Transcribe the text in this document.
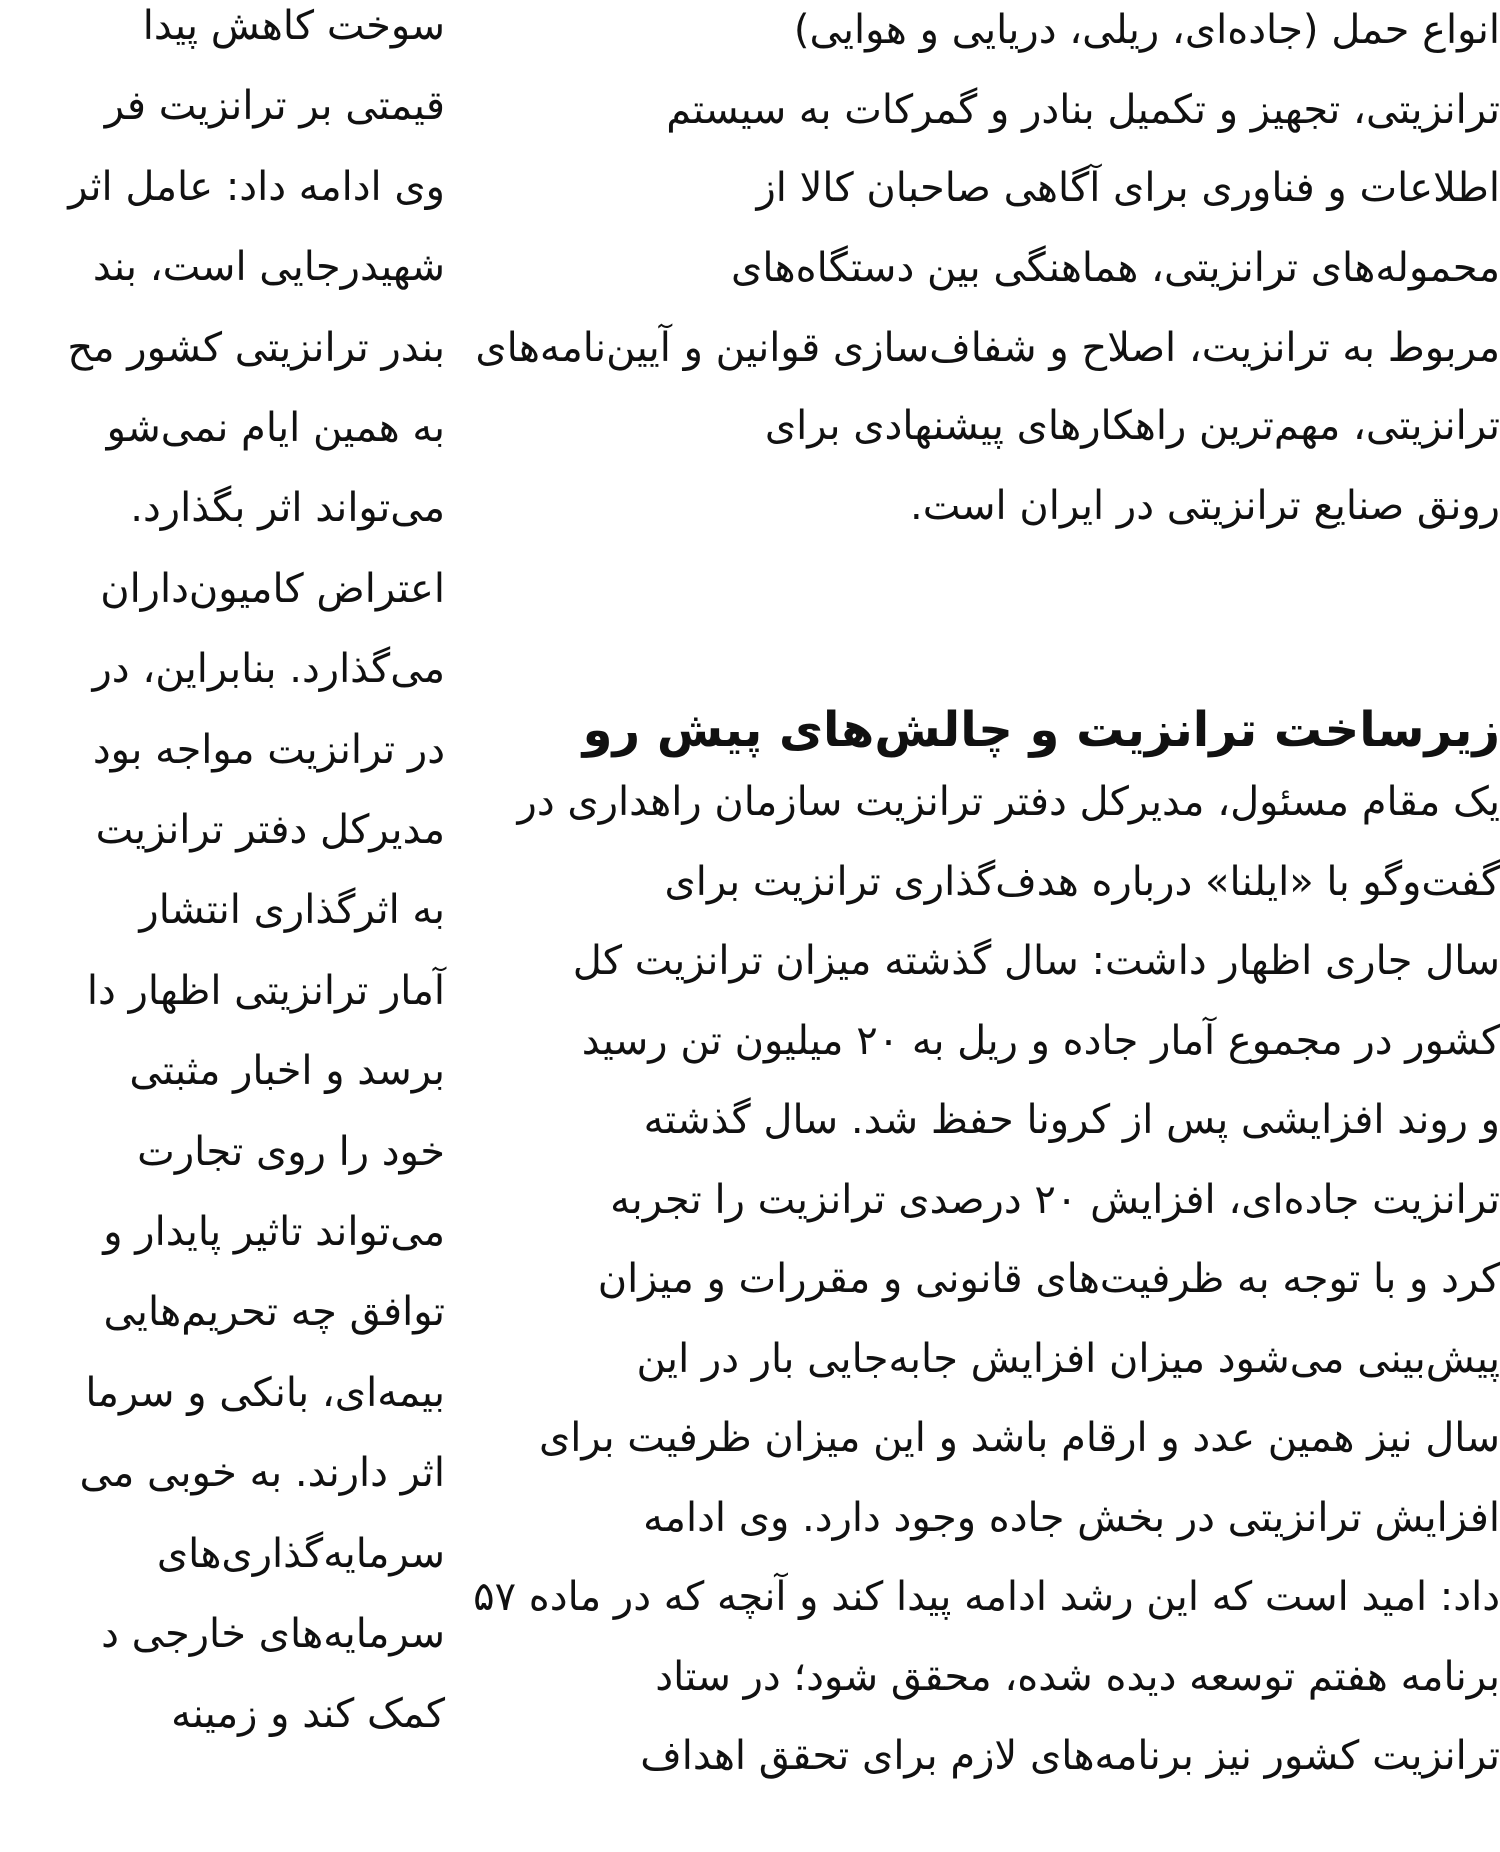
سوخت کاهش پیدا
قیمتی بر ترانزیت فر
وی ادامه داد: عامل اثر
شهیدرجایی است، بند
بندر ترانزیتی کشور مح
به همین ایام نمی‌شو
می‌تواند اثر بگذارد.
اعتراض کامیون‌داران
می‌گذارد. بنابراین، در
در ترانزیت مواجه بود
مدیرکل دفتر ترانزیت
به اثرگذاری انتشار
آمار ترانزیتی اظهار دا
برسد و اخبار مثبتی
خود را روی تجارت
می‌تواند تاثیر پایدار و
توافق چه تحریم‌هایی
بیمه‌ای، بانکی و سرما
اثر دارند. به خوبی می
سرمایه‌گذاری‌های
سرمایه‌های خارجی د
کمک کند و زمینه
انواع حمل (جاده‌ای، ریلی، دریایی و هوایی)
ترانزیتی، تجهیز و تکمیل بنادر و گمرکات به سیستم
اطلاعات و فناوری برای آگاهی صاحبان کالا از
محموله‌های ترانزیتی، هماهنگی بین دستگاه‌های
مربوط به ترانزیت، اصلاح و شفاف‌سازی قوانین و آیین‌نامه‌های
ترانزیتی، مهم‌ترین راهکارهای پیشنهادی برای
رونق صنایع ترانزیتی در ایران است.
زیرساخت ترانزیت و چالش‌های پیش رو
یک مقام مسئول، مدیرکل دفتر ترانزیت سازمان راهداری در
گفت‌وگو با «ایلنا» درباره هدف‌گذاری ترانزیت برای
سال جاری اظهار داشت: سال گذشته میزان ترانزیت کل
کشور در مجموع آمار جاده و ریل به ۲۰ میلیون تن رسید
و روند افزایشی پس از کرونا حفظ شد. سال گذشته
ترانزیت جاده‌ای، افزایش ۲۰ درصدی ترانزیت را تجربه
کرد و با توجه به ظرفیت‌های قانونی و مقررات و میزان
پیش‌بینی می‌شود میزان افزایش جابه‌جایی بار در این
سال نیز همین عدد و ارقام باشد و این میزان ظرفیت برای
افزایش ترانزیتی در بخش جاده وجود دارد. وی ادامه
داد: امید است که این رشد ادامه پیدا کند و آنچه که در ماده ۵۷
برنامه هفتم توسعه دیده شده، محقق شود؛ در ستاد
ترانزیت کشور نیز برنامه‌های لازم برای تحقق اهداف
